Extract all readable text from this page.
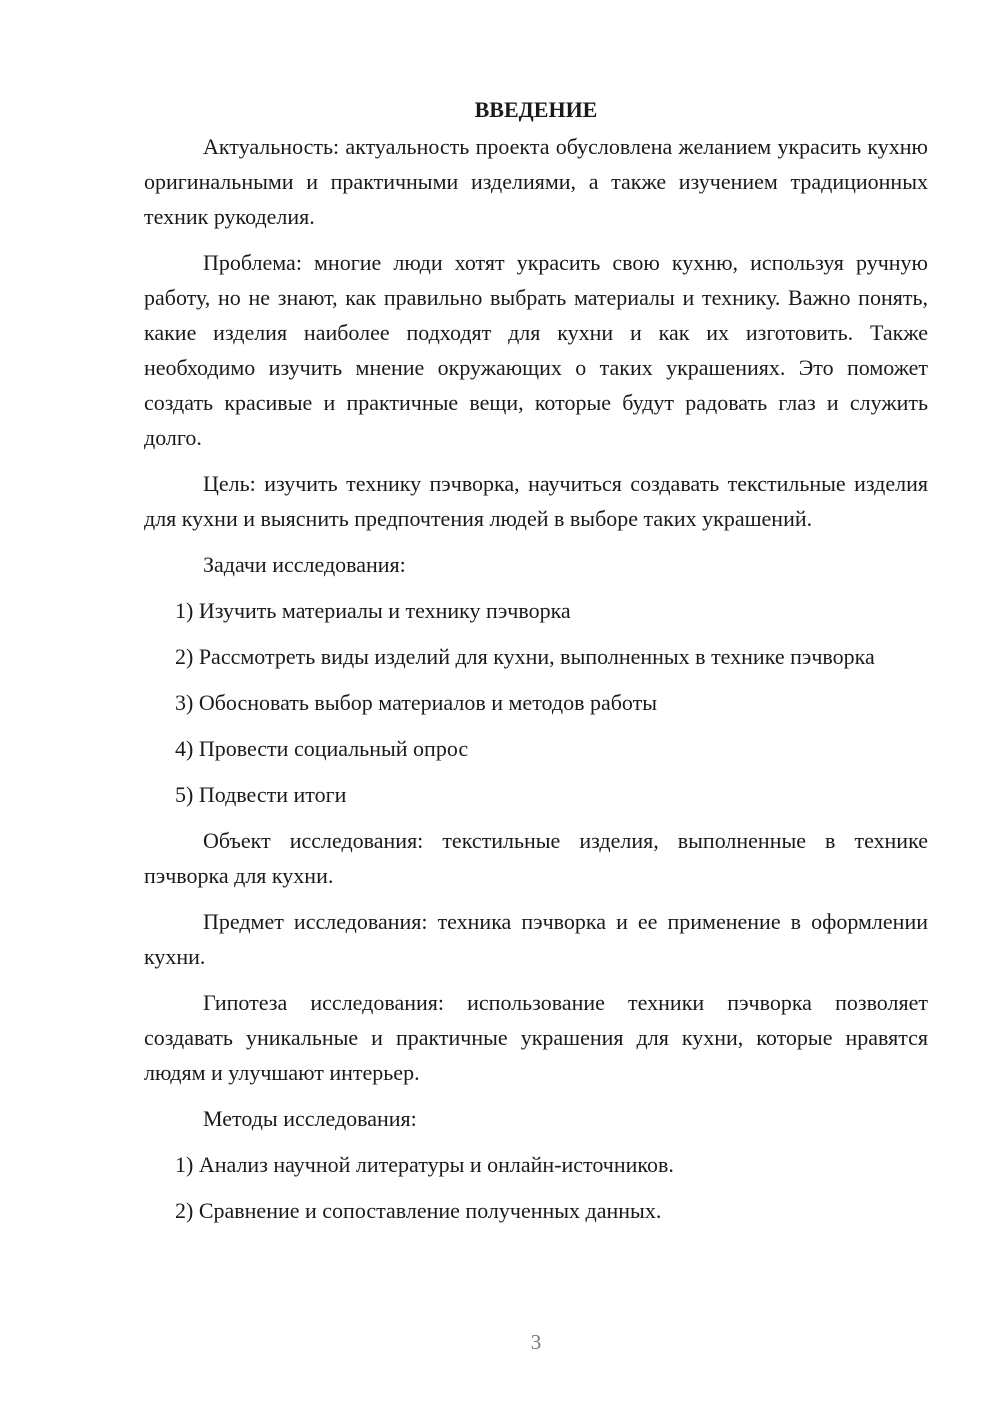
ВВЕДЕНИЕ

Актуальность: актуальность проекта обусловлена желанием украсить кухню оригинальными и практичными изделиями, а также изучением традиционных техник рукоделия.

Проблема: многие люди хотят украсить свою кухню, используя ручную работу, но не знают, как правильно выбрать материалы и технику. Важно понять, какие изделия наиболее подходят для кухни и как их изготовить. Также необходимо изучить мнение окружающих о таких украшениях. Это поможет создать красивые и практичные вещи, которые будут радовать глаз и служить долго.

Цель: изучить технику пэчворка, научиться создавать текстильные изделия для кухни и выяснить предпочтения людей в выборе таких украшений.

Задачи исследования:

1) Изучить материалы и технику пэчворка

2) Рассмотреть виды изделий для кухни, выполненных в технике пэчворка

3) Обосновать выбор материалов и методов работы

4) Провести социальный опрос

5) Подвести итоги

Объект исследования: текстильные изделия, выполненные в технике пэчворка для кухни.

Предмет исследования: техника пэчворка и ее применение в оформлении кухни.

Гипотеза исследования: использование техники пэчворка позволяет создавать уникальные и практичные украшения для кухни, которые нравятся людям и улучшают интерьер.

Методы исследования:

1) Анализ научной литературы и онлайн-источников.

2) Сравнение и сопоставление полученных данных.

3
